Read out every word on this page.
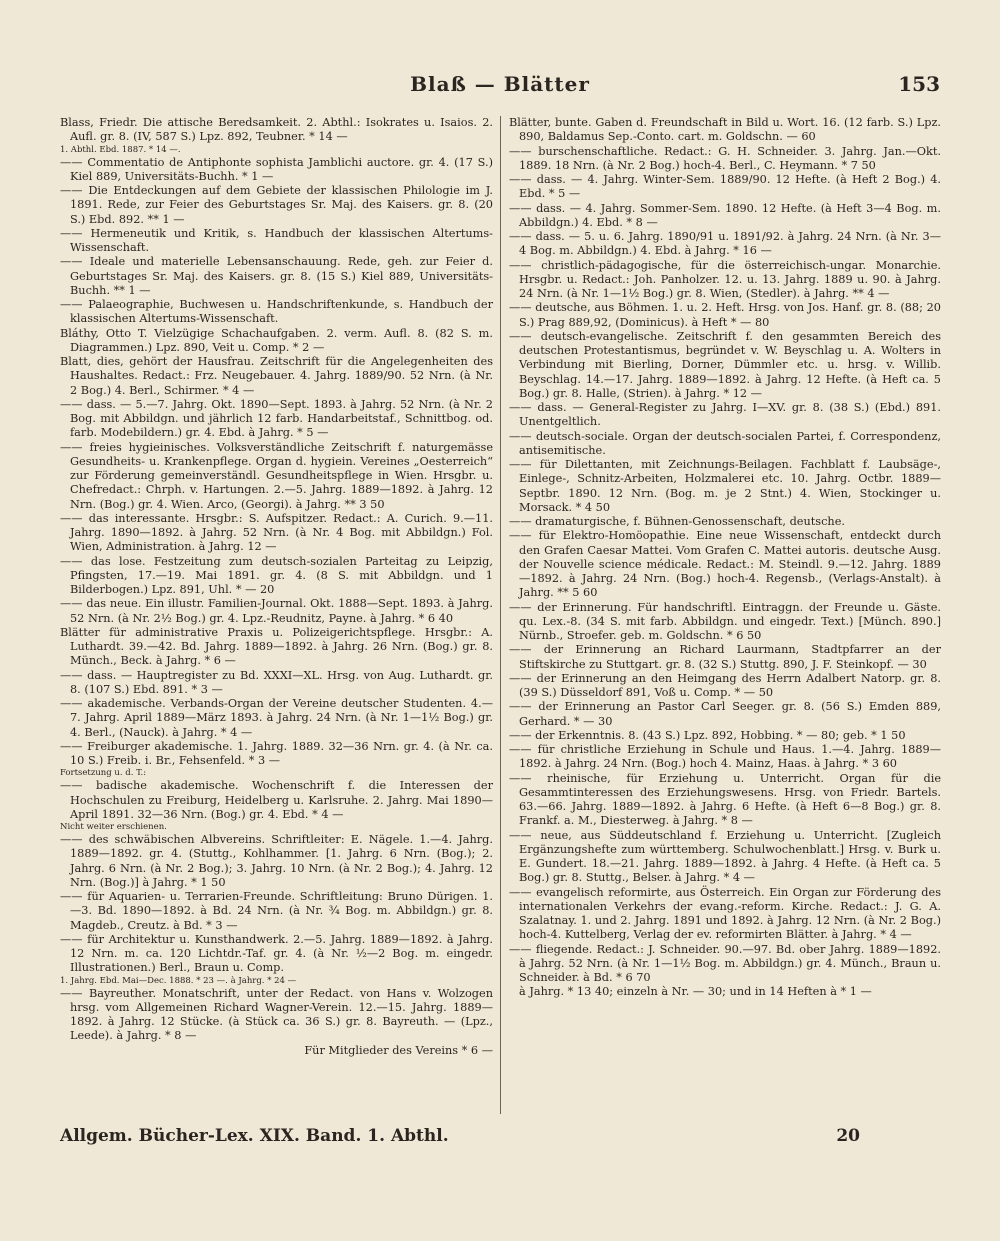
Blaß — Blätter	153

Blass, Friedr. Die attische Beredsamkeit. 2. Abthl.: Isokrates u. Isaios. 2. Aufl. gr. 8. (IV, 587 S.) Lpz. 892, Teubner. * 14 —

1. Abthl. Ebd. 1887. * 14 —.

—— Commentatio de Antiphonte sophista Jamblichi auctore. gr. 4. (17 S.) Kiel 889, Universitäts-Buchh. * 1 —

—— Die Entdeckungen auf dem Gebiete der klassischen Philologie im J. 1891. Rede, zur Feier des Geburtstages Sr. Maj. des Kaisers. gr. 8. (20 S.) Ebd. 892. ** 1 —

—— Hermeneutik und Kritik, s. Handbuch der klassischen Altertums-Wissenschaft.

—— Ideale und materielle Lebensanschauung. Rede, geh. zur Feier d. Geburtstages Sr. Maj. des Kaisers. gr. 8. (15 S.) Kiel 889, Universitäts-Buchh. ** 1 —

—— Palaeographie, Buchwesen u. Handschriftenkunde, s. Handbuch der klassischen Altertums-Wissenschaft.

Bláthy, Otto T. Vielzügige Schachaufgaben. 2. verm. Aufl. 8. (82 S. m. Diagrammen.) Lpz. 890, Veit u. Comp. * 2 —

Blatt, dies, gehört der Hausfrau. Zeitschrift für die Angelegenheiten des Haushaltes. Redact.: Frz. Neugebauer. 4. Jahrg. 1889/90. 52 Nrn. (à Nr. 2 Bog.) 4. Berl., Schirmer. * 4 —

—— dass. — 5.—7. Jahrg. Okt. 1890—Sept. 1893. à Jahrg. 52 Nrn. (à Nr. 2 Bog. mit Abbildgn. und jährlich 12 farb. Handarbeitstaf., Schnittbog. od. farb. Modebildern.) gr. 4. Ebd. à Jahrg. * 5 —

—— freies hygieinisches. Volksverständliche Zeitschrift f. naturgemässe Gesundheits- u. Krankenpflege. Organ d. hygiein. Vereines „Oesterreich“ zur Förderung gemeinverständl. Gesundheitspflege in Wien. Hrsgbr. u. Chefredact.: Chrph. v. Hartungen. 2.—5. Jahrg. 1889—1892. à Jahrg. 12 Nrn. (Bog.) gr. 4. Wien. Arco, (Georgi). à Jahrg. ** 3 50

—— das interessante. Hrsgbr.: S. Aufspitzer. Redact.: A. Curich. 9.—11. Jahrg. 1890—1892. à Jahrg. 52 Nrn. (à Nr. 4 Bog. mit Abbildgn.) Fol. Wien, Administration. à Jahrg. 12 —

—— das lose. Festzeitung zum deutsch-sozialen Parteitag zu Leipzig, Pfingsten, 17.—19. Mai 1891. gr. 4. (8 S. mit Abbildgn. und 1 Bilderbogen.) Lpz. 891, Uhl. * — 20

—— das neue. Ein illustr. Familien-Journal. Okt. 1888—Sept. 1893. à Jahrg. 52 Nrn. (à Nr. 2½ Bog.) gr. 4. Lpz.-Reudnitz, Payne. à Jahrg. * 6 40

Blätter für administrative Praxis u. Polizeigerichtspflege. Hrsgbr.: A. Luthardt. 39.—42. Bd. Jahrg. 1889—1892. à Jahrg. 26 Nrn. (Bog.) gr. 8. Münch., Beck. à Jahrg. * 6 —

—— dass. — Hauptregister zu Bd. XXXI—XL. Hrsg. von Aug. Luthardt. gr. 8. (107 S.) Ebd. 891. * 3 —

—— akademische. Verbands-Organ der Vereine deutscher Studenten. 4.—7. Jahrg. April 1889—März 1893. à Jahrg. 24 Nrn. (à Nr. 1—1½ Bog.) gr. 4. Berl., (Nauck). à Jahrg. * 4 —

—— Freiburger akademische. 1. Jahrg. 1889. 32—36 Nrn. gr. 4. (à Nr. ca. 10 S.) Freib. i. Br., Fehsenfeld. * 3 —

Fortsetzung u. d. T.:

—— badische akademische. Wochenschrift f. die Interessen der Hochschulen zu Freiburg, Heidelberg u. Karlsruhe. 2. Jahrg. Mai 1890—April 1891. 32—36 Nrn. (Bog.) gr. 4. Ebd. * 4 —

Nicht weiter erschienen.

—— des schwäbischen Albvereins. Schriftleiter: E. Nägele. 1.—4. Jahrg. 1889—1892. gr. 4. (Stuttg., Kohlhammer. [1. Jahrg. 6 Nrn. (Bog.); 2. Jahrg. 6 Nrn. (à Nr. 2 Bog.); 3. Jahrg. 10 Nrn. (à Nr. 2 Bog.); 4. Jahrg. 12 Nrn. (Bog.)] à Jahrg. * 1 50

—— für Aquarien- u. Terrarien-Freunde. Schriftleitung: Bruno Dürigen. 1.—3. Bd. 1890—1892. à Bd. 24 Nrn. (à Nr. ¾ Bog. m. Abbildgn.) gr. 8. Magdeb., Creutz. à Bd. * 3 —

—— für Architektur u. Kunsthandwerk. 2.—5. Jahrg. 1889—1892. à Jahrg. 12 Nrn. m. ca. 120 Lichtdr.-Taf. gr. 4. (à Nr. ½—2 Bog. m. eingedr. Illustrationen.) Berl., Braun u. Comp.

1. Jahrg. Ebd. Mai—Dec. 1888. * 23 —. à Jahrg. * 24 —

—— Bayreuther. Monatschrift, unter der Redact. von Hans v. Wolzogen hrsg. vom Allgemeinen Richard Wagner-Verein. 12.—15. Jahrg. 1889—1892. à Jahrg. 12 Stücke. (à Stück ca. 36 S.) gr. 8. Bayreuth. — (Lpz., Leede). à Jahrg. * 8 —

Für Mitglieder des Vereins * 6 —

Blätter, bunte. Gaben d. Freundschaft in Bild u. Wort. 16. (12 farb. S.) Lpz. 890, Baldamus Sep.-Conto. cart. m. Goldschn. — 60

—— burschenschaftliche. Redact.: G. H. Schneider. 3. Jahrg. Jan.—Okt. 1889. 18 Nrn. (à Nr. 2 Bog.) hoch-4. Berl., C. Heymann. * 7 50

—— dass. — 4. Jahrg. Winter-Sem. 1889/90. 12 Hefte. (à Heft 2 Bog.) 4. Ebd. * 5 —

—— dass. — 4. Jahrg. Sommer-Sem. 1890. 12 Hefte. (à Heft 3—4 Bog. m. Abbildgn.) 4. Ebd. * 8 —

—— dass. — 5. u. 6. Jahrg. 1890/91 u. 1891/92. à Jahrg. 24 Nrn. (à Nr. 3—4 Bog. m. Abbildgn.) 4. Ebd. à Jahrg. * 16 —

—— christlich-pädagogische, für die österreichisch-ungar. Monarchie. Hrsgbr. u. Redact.: Joh. Panholzer. 12. u. 13. Jahrg. 1889 u. 90. à Jahrg. 24 Nrn. (à Nr. 1—1½ Bog.) gr. 8. Wien, (Stedler). à Jahrg. ** 4 —

—— deutsche, aus Böhmen. 1. u. 2. Heft. Hrsg. von Jos. Hanf. gr. 8. (88; 20 S.) Prag 889,92, (Dominicus). à Heft * — 80

—— deutsch-evangelische. Zeitschrift f. den gesammten Bereich des deutschen Protestantismus, begründet v. W. Beyschlag u. A. Wolters in Verbindung mit Bierling, Dorner, Dümmler etc. u. hrsg. v. Willib. Beyschlag. 14.—17. Jahrg. 1889—1892. à Jahrg. 12 Hefte. (à Heft ca. 5 Bog.) gr. 8. Halle, (Strien). à Jahrg. * 12 —

—— dass. — General-Register zu Jahrg. I—XV. gr. 8. (38 S.) (Ebd.) 891. Unentgeltlich.

—— deutsch-sociale. Organ der deutsch-socialen Partei, f. Correspondenz, antisemitische.

—— für Dilettanten, mit Zeichnungs-Beilagen. Fachblatt f. Laubsäge-, Einlege-, Schnitz-Arbeiten, Holzmalerei etc. 10. Jahrg. Octbr. 1889—Septbr. 1890. 12 Nrn. (Bog. m. je 2 Stnt.) 4. Wien, Stockinger u. Morsack. * 4 50

—— dramaturgische, f. Bühnen-Genossenschaft, deutsche.

—— für Elektro-Homöopathie. Eine neue Wissenschaft, entdeckt durch den Grafen Caesar Mattei. Vom Grafen C. Mattei autoris. deutsche Ausg. der Nouvelle science médicale. Redact.: M. Steindl. 9.—12. Jahrg. 1889—1892. à Jahrg. 24 Nrn. (Bog.) hoch-4. Regensb., (Verlags-Anstalt). à Jahrg. ** 5 60

—— der Erinnerung. Für handschriftl. Eintraggn. der Freunde u. Gäste. qu. Lex.-8. (34 S. mit farb. Abbildgn. und eingedr. Text.) [Münch. 890.] Nürnb., Stroefer. geb. m. Goldschn. * 6 50

—— der Erinnerung an Richard Laurmann, Stadtpfarrer an der Stiftskirche zu Stuttgart. gr. 8. (32 S.) Stuttg. 890, J. F. Steinkopf. — 30

—— der Erinnerung an den Heimgang des Herrn Adalbert Natorp. gr. 8. (39 S.) Düsseldorf 891, Voß u. Comp. * — 50

—— der Erinnerung an Pastor Carl Seeger. gr. 8. (56 S.) Emden 889, Gerhard. * — 30

—— der Erkenntnis. 8. (43 S.) Lpz. 892, Hobbing. * — 80; geb. * 1 50

—— für christliche Erziehung in Schule und Haus. 1.—4. Jahrg. 1889—1892. à Jahrg. 24 Nrn. (Bog.) hoch 4. Mainz, Haas. à Jahrg. * 3 60

—— rheinische, für Erziehung u. Unterricht. Organ für die Gesammtinteressen des Erziehungswesens. Hrsg. von Friedr. Bartels. 63.—66. Jahrg. 1889—1892. à Jahrg. 6 Hefte. (à Heft 6—8 Bog.) gr. 8. Frankf. a. M., Diesterweg. à Jahrg. * 8 —

—— neue, aus Süddeutschland f. Erziehung u. Unterricht. [Zugleich Ergänzungshefte zum württemberg. Schulwochenblatt.] Hrsg. v. Burk u. E. Gundert. 18.—21. Jahrg. 1889—1892. à Jahrg. 4 Hefte. (à Heft ca. 5 Bog.) gr. 8. Stuttg., Belser. à Jahrg. * 4 —

—— evangelisch reformirte, aus Österreich. Ein Organ zur Förderung des internationalen Verkehrs der evang.-reform. Kirche. Redact.: J. G. A. Szalatnay. 1. und 2. Jahrg. 1891 und 1892. à Jahrg. 12 Nrn. (à Nr. 2 Bog.) hoch-4. Kuttelberg, Verlag der ev. reformirten Blätter. à Jahrg. * 4 —

—— fliegende. Redact.: J. Schneider. 90.—97. Bd. ober Jahrg. 1889—1892. à Jahrg. 52 Nrn. (à Nr. 1—1½ Bog. m. Abbildgn.) gr. 4. Münch., Braun u. Schneider. à Bd. * 6 70

à Jahrg. * 13 40; einzeln à Nr. — 30; und in 14 Heften à * 1 —

Allgem. Bücher-Lex. XIX. Band. 1. Abthl.	20
